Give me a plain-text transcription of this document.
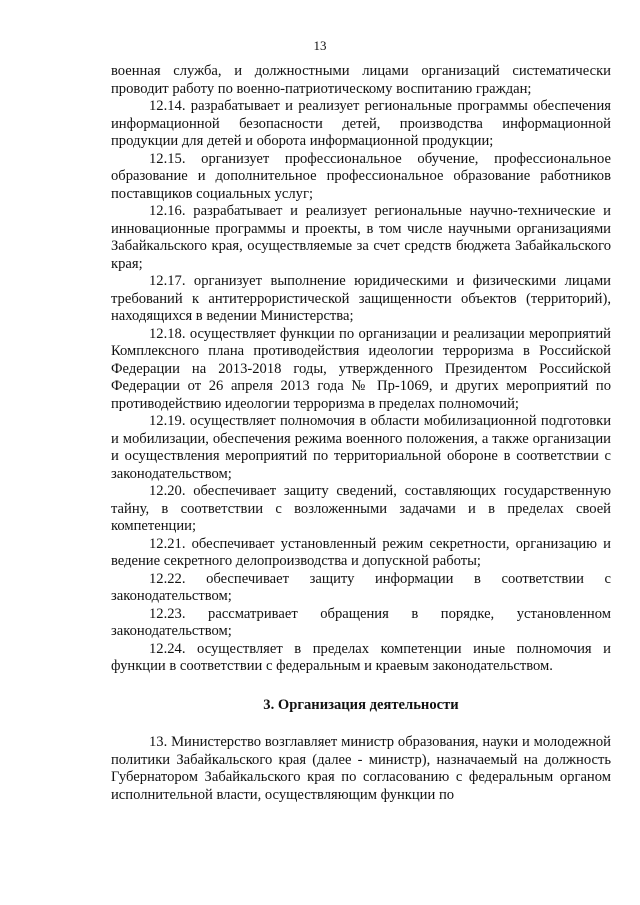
13

военная служба, и должностными лицами организаций систематически проводит работу по военно-патриотическому воспитанию граждан;

12.14. разрабатывает и реализует региональные программы обеспечения информационной безопасности детей, производства информационной продукции для детей и оборота информационной продукции;

12.15. организует профессиональное обучение, профессиональное образование и дополнительное профессиональное образование работников поставщиков социальных услуг;

12.16. разрабатывает и реализует региональные научно-технические и инновационные программы и проекты, в том числе научными организациями Забайкальского края, осуществляемые за счет средств бюджета Забайкальского края;

12.17. организует выполнение юридическими и физическими лицами требований к антитеррористической защищенности объектов (территорий), находящихся в ведении Министерства;

12.18. осуществляет функции по организации и реализации мероприятий Комплексного плана противодействия идеологии терроризма в Российской Федерации на 2013-2018 годы, утвержденного Президентом Российской Федерации от 26 апреля 2013 года № Пр-1069, и других мероприятий по противодействию идеологии терроризма в пределах полномочий;

12.19. осуществляет полномочия в области мобилизационной подготовки и мобилизации, обеспечения режима военного положения, а также организации и осуществления мероприятий по территориальной обороне в соответствии с законодательством;

12.20. обеспечивает защиту сведений, составляющих государственную тайну, в соответствии с возложенными задачами и в пределах своей компетенции;

12.21. обеспечивает установленный режим секретности, организацию и ведение секретного делопроизводства и допускной работы;

12.22. обеспечивает защиту информации в соответствии с законодательством;

12.23. рассматривает обращения в порядке, установленном законодательством;

12.24. осуществляет в пределах компетенции иные полномочия и функции в соответствии с федеральным и краевым законодательством.

3. Организация деятельности

13. Министерство возглавляет министр образования, науки и молодежной политики Забайкальского края (далее - министр), назначаемый на должность Губернатором Забайкальского края по согласованию с федеральным органом исполнительной власти, осуществляющим функции по
